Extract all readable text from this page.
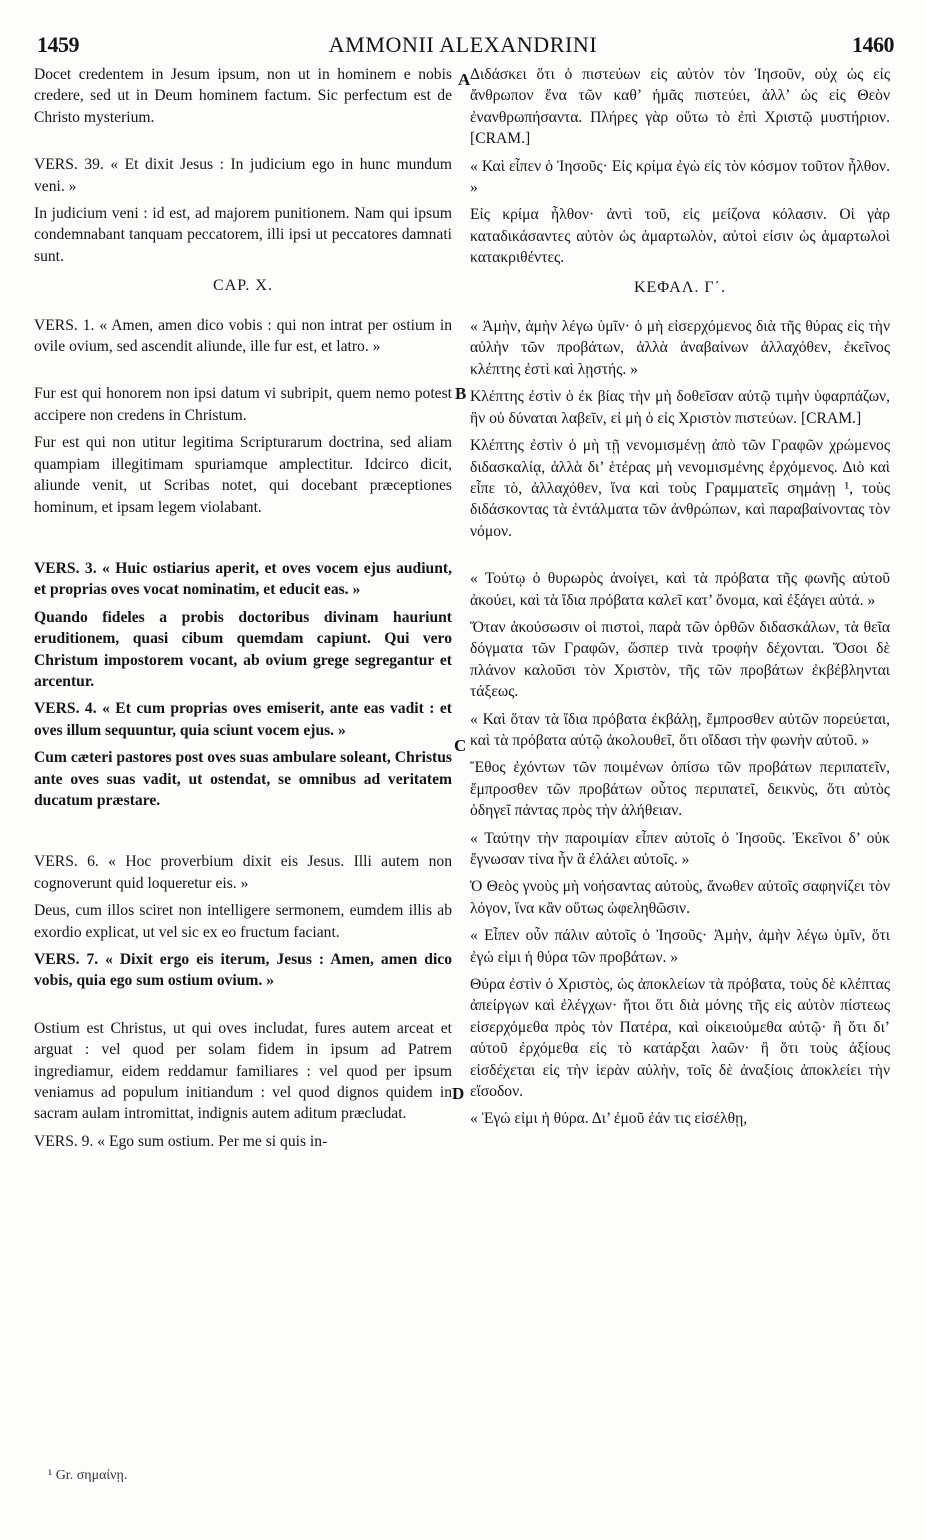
1459	AMMONII ALEXANDRINI	1460

Docet credentem in Jesum ipsum, non ut in hominem e nobis credere, sed ut in Deum hominem factum. Sic perfectum est de Christo mysterium.

VERS. 39. « Et dixit Jesus : In judicium ego in hunc mundum veni. »

In judicium veni : id est, ad majorem punitionem. Nam qui ipsum condemnabant tanquam peccatorem, illi ipsi ut peccatores damnati sunt.

CAP. X.

VERS. 1. « Amen, amen dico vobis : qui non intrat per ostium in ovile ovium, sed ascendit aliunde, ille fur est, et latro. »

Fur est qui honorem non ipsi datum vi subripit, quem nemo potest accipere non credens in Christum.

Fur est qui non utitur legitima Scripturarum doctrina, sed aliam quampiam illegitimam spuriamque amplectitur. Idcirco dicit, aliunde venit, ut Scribas notet, qui docebant præceptiones hominum, et ipsam legem violabant.

VERS. 3. « Huic ostiarius aperit, et oves vocem ejus audiunt, et proprias oves vocat nominatim, et educit eas. »

Quando fideles a probis doctoribus divinam hauriunt eruditionem, quasi cibum quemdam capiunt. Qui vero Christum impostorem vocant, ab ovium grege segregantur et arcentur.

VERS. 4. « Et cum proprias oves emiserit, ante eas vadit : et oves illum sequuntur, quia sciunt vocem ejus. »

Cum cæteri pastores post oves suas ambulare soleant, Christus ante oves suas vadit, ut ostendat, se omnibus ad veritatem ducatum præstare.

VERS. 6. « Hoc proverbium dixit eis Jesus. Illi autem non cognoverunt quid loqueretur eis. »

Deus, cum illos sciret non intelligere sermonem, eumdem illis ab exordio explicat, ut vel sic ex eo fructum faciant.

VERS. 7. « Dixit ergo eis iterum, Jesus : Amen, amen dico vobis, quia ego sum ostium ovium. »

Ostium est Christus, ut qui oves includat, fures autem arceat et arguat : vel quod per solam fidem in ipsum ad Patrem ingrediamur, eidem reddamur familiares : vel quod per ipsum veniamus ad populum initiandum : vel quod dignos quidem in sacram aulam intromittat, indignis autem aditum præcludat.

VERS. 9. « Ego sum ostium. Per me si quis in-

Διδάσκει ὅτι ὁ πιστεύων εἰς αὐτὸν τὸν Ἰησοῦν, οὐχ ὡς εἰς ἄνθρωπον ἕνα τῶν καθ’ ἡμᾶς πιστεύει, ἀλλ’ ὡς εἰς Θεὸν ἐνανθρωπήσαντα. Πλήρες γὰρ οὕτω τὸ ἐπὶ Χριστῷ μυστήριον. [CRAM.]

« Καὶ εἶπεν ὁ Ἰησοῦς· Εἰς κρίμα ἐγὼ εἰς τὸν κόσμον τοῦτον ἦλθον. »

Εἰς κρίμα ἦλθον· ἀντὶ τοῦ, εἰς μείζονα κόλασιν. Οἱ γὰρ καταδικάσαντες αὐτὸν ὡς ἁμαρτωλὸν, αὐτοὶ εἰσιν ὡς ἁμαρτωλοὶ κατακριθέντες.

ΚΕΦΑΛ. Γ΄.

« Ἀμὴν, ἀμὴν λέγω ὑμῖν· ὁ μὴ εἰσερχόμενος διὰ τῆς θύρας εἰς τὴν αὐλὴν τῶν προβάτων, ἀλλὰ ἀναβαίνων ἀλλαχόθεν, ἐκεῖνος κλέπτης ἐστὶ καὶ λῃστής. »

Κλέπτης ἐστὶν ὁ ἐκ βίας τὴν μὴ δοθεῖσαν αὐτῷ τιμὴν ὑφαρπάζων, ἣν οὐ δύναται λαβεῖν, εἰ μὴ ὁ εἰς Χριστὸν πιστεύων. [CRAM.]

Κλέπτης ἐστὶν ὁ μὴ τῇ νενομισμένῃ ἀπὸ τῶν Γραφῶν χρώμενος διδασκαλίᾳ, ἀλλὰ δι’ ἑτέρας μὴ νενομισμένης ἐρχόμενος. Διὸ καὶ εἶπε τὸ, ἀλλαχόθεν, ἵνα καὶ τοὺς Γραμματεῖς σημάνῃ ¹, τοὺς διδάσκοντας τὰ ἐντάλματα τῶν ἀνθρώπων, καὶ παραβαίνοντας τὸν νόμον.

« Τούτῳ ὁ θυρωρὸς ἀνοίγει, καὶ τὰ πρόβατα τῆς φωνῆς αὐτοῦ ἀκούει, καὶ τὰ ἴδια πρόβατα καλεῖ κατ’ ὄνομα, καὶ ἐξάγει αὐτά. »

Ὅταν ἀκούσωσιν οἱ πιστοὶ, παρὰ τῶν ὀρθῶν διδασκάλων, τὰ θεῖα δόγματα τῶν Γραφῶν, ὥσπερ τινὰ τροφὴν δέχονται. Ὅσοι δὲ πλάνον καλοῦσι τὸν Χριστὸν, τῆς τῶν προβάτων ἐκβέβληνται τάξεως.

« Καὶ ὅταν τὰ ἴδια πρόβατα ἐκβάλῃ, ἔμπροσθεν αὐτῶν πορεύεται, καὶ τὰ πρόβατα αὐτῷ ἀκολουθεῖ, ὅτι οἴδασι τὴν φωνὴν αὐτοῦ. »

Ἔθος ἐχόντων τῶν ποιμένων ὀπίσω τῶν προβάτων περιπατεῖν, ἔμπροσθεν τῶν προβάτων οὗτος περιπατεῖ, δεικνὺς, ὅτι αὐτὸς ὁδηγεῖ πάντας πρὸς τὴν ἀλήθειαν.

« Ταύτην τὴν παροιμίαν εἶπεν αὐτοῖς ὁ Ἰησοῦς. Ἐκεῖνοι δ’ οὐκ ἔγνωσαν τίνα ἦν ἃ ἐλάλει αὐτοῖς. »

Ὁ Θεὸς γνοὺς μὴ νοήσαντας αὐτοὺς, ἄνωθεν αὐτοῖς σαφηνίζει τὸν λόγον, ἵνα κἂν οὕτως ὠφεληθῶσιν.

« Εἶπεν οὖν πάλιν αὐτοῖς ὁ Ἰησοῦς· Ἀμὴν, ἀμὴν λέγω ὑμῖν, ὅτι ἐγώ εἰμι ἡ θύρα τῶν προβάτων. »

Θύρα ἐστὶν ὁ Χριστὸς, ὡς ἀποκλείων τὰ πρόβατα, τοὺς δὲ κλέπτας ἀπείργων καὶ ἐλέγχων· ἤτοι ὅτι διὰ μόνης τῆς εἰς αὐτὸν πίστεως εἰσερχόμεθα πρὸς τὸν Πατέρα, καὶ οἰκειούμεθα αὐτῷ· ἢ ὅτι δι’ αὐτοῦ ἐρχόμεθα εἰς τὸ κατάρξαι λαῶν· ἢ ὅτι τοὺς ἀξίους εἰσδέχεται εἰς τὴν ἱερὰν αὐλὴν, τοῖς δὲ ἀναξίοις ἀποκλείει τὴν εἴσοδον.

« Ἐγώ εἰμι ἡ θύρα. Δι’ ἐμοῦ ἐάν τις εἰσέλθῃ,

A
B
C
D
¹ Gr. σημαίνῃ.
